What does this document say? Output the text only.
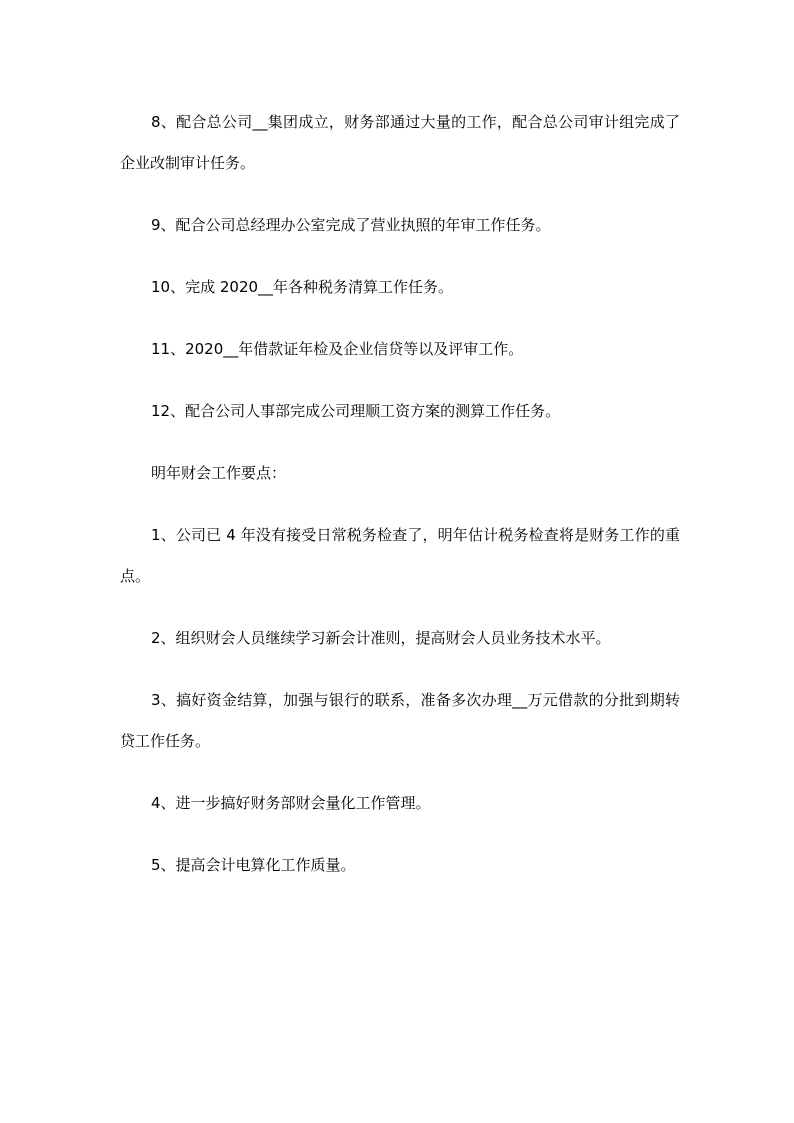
8、配合总公司__集团成立，财务部通过大量的工作，配合总公司审计组完成了企业改制审计任务。

9、配合公司总经理办公室完成了营业执照的年审工作任务。

10、完成 2020__年各种税务清算工作任务。

11、2020__年借款证年检及企业信贷等以及评审工作。

12、配合公司人事部完成公司理顺工资方案的测算工作任务。

明年财会工作要点：

1、公司已 4 年没有接受日常税务检查了，明年估计税务检查将是财务工作的重点。

2、组织财会人员继续学习新会计准则，提高财会人员业务技术水平。

3、搞好资金结算，加强与银行的联系，准备多次办理__万元借款的分批到期转贷工作任务。

4、进一步搞好财务部财会量化工作管理。

5、提高会计电算化工作质量。
